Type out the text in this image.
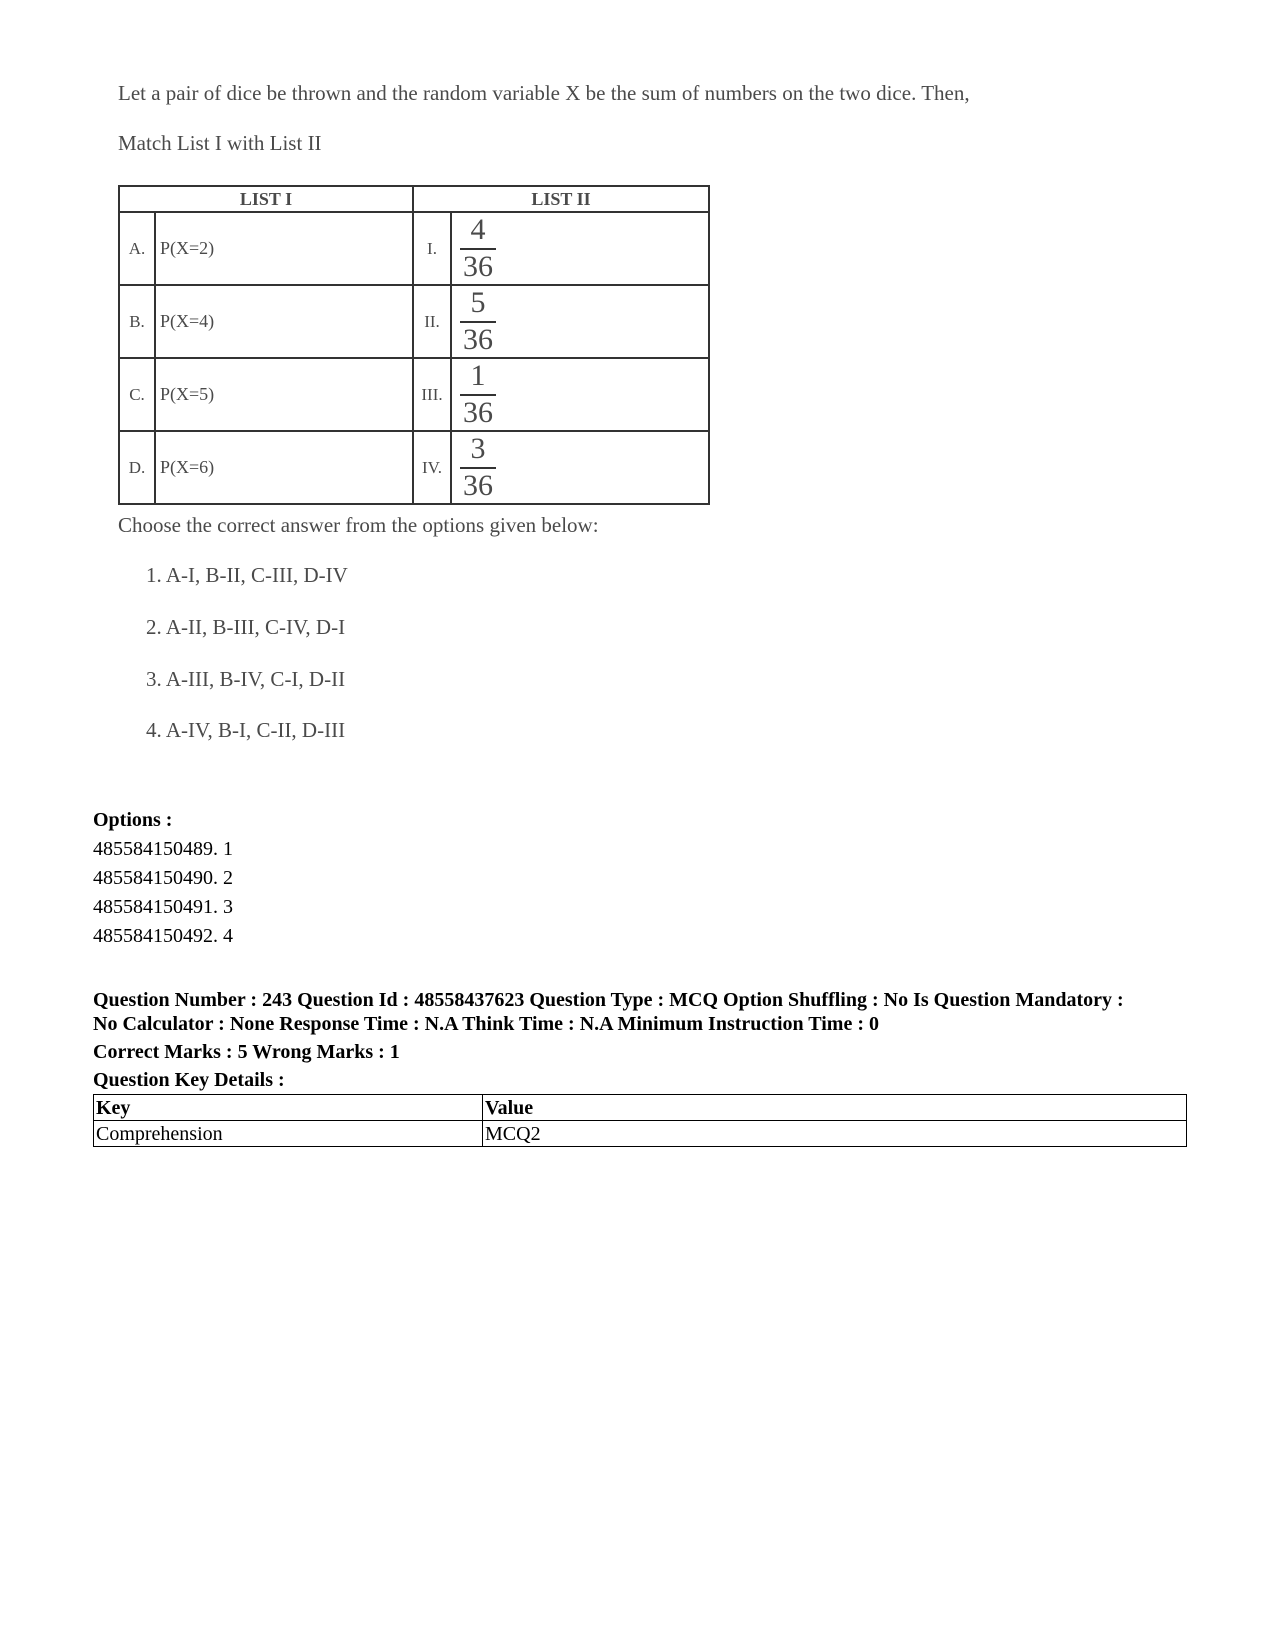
Let a pair of dice be thrown and the random variable X be the sum of numbers on the two dice. Then,
Match List I with List II
LIST I		LIST II	
A.	P(X=2)	I.	$\frac{4}{36}$

B.	P(X=4)	II.	$\frac{5}{36}$

C.	P(X=5)	III.	$\frac{1}{36}$

D.	P(X=6)	IV.	$\frac{3}{36}$
Choose the correct answer from the options given below:
1. A-I, B-II, C-III, D-IV
2. A-II, B-III, C-IV, D-I
3. A-III, B-IV, C-I, D-II
4. A-IV, B-I, C-II, D-III
Options :
485584150489. 1
485584150490. 2
485584150491. 3
485584150492. 4
Question Number : 243 Question Id : 48558437623 Question Type : MCQ Option Shuffling : No Is Question Mandatory :
No Calculator : None Response Time : N.A Think Time : N.A Minimum Instruction Time : 0
Correct Marks : 5 Wrong Marks : 1
Question Key Details :
Key	Value
Comprehension	MCQ2
